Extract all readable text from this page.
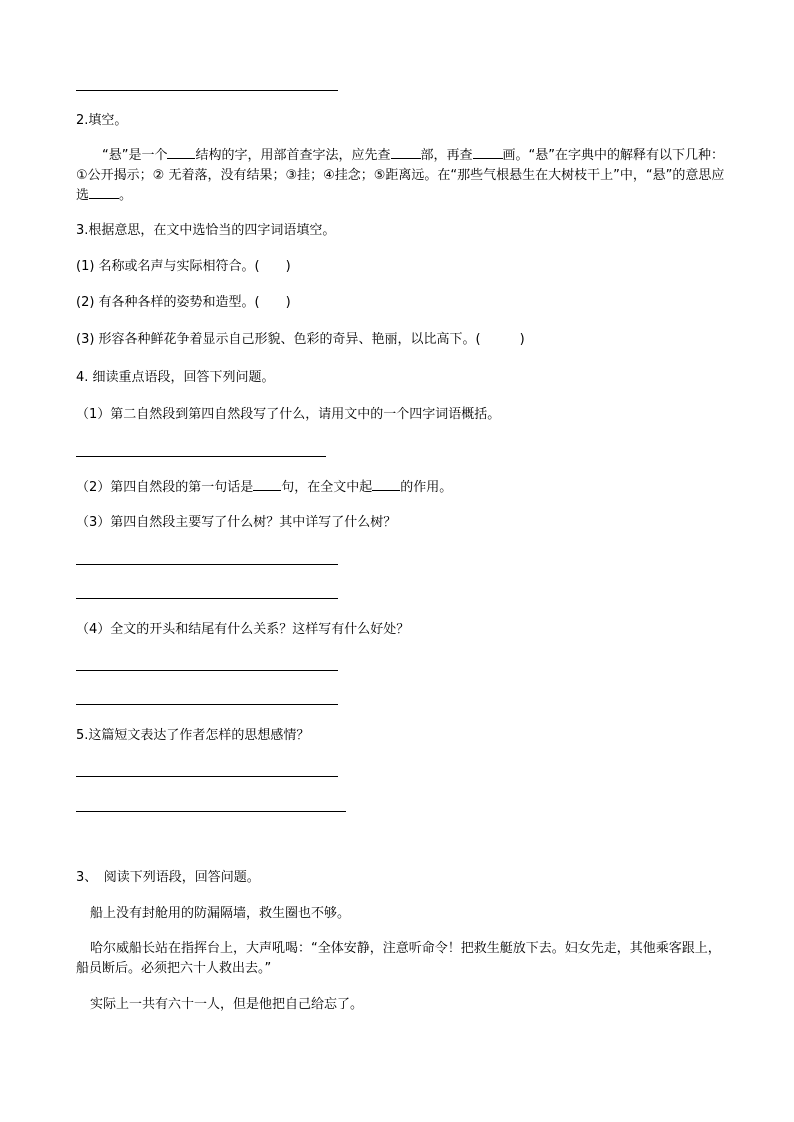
2.填空。
“悬”是一个 结构的字，用部首查字法，应先查 部，再查 画。“悬”在字典中的解释有以下几种：①公开揭示；② 无着落，没有结果；③挂；④挂念；⑤距离远。在“那些气根悬生在大树枝干上”中，“悬”的意思应选 。
3.根据意思，在文中选恰当的四字词语填空。
(1) 名称或名声与实际相符合。(　　)
(2) 有各种各样的姿势和造型。(　　)
(3) 形容各种鲜花争着显示自己形貌、色彩的奇异、艳丽，以比高下。(　　　)
4. 细读重点语段，回答下列问题。
（1）第二自然段到第四自然段写了什么，请用文中的一个四字词语概括。
（2）第四自然段的第一句话是 句，在全文中起 的作用。
（3）第四自然段主要写了什么树？其中详写了什么树？
（4）全文的开头和结尾有什么关系？这样写有什么好处？
5.这篇短文表达了作者怎样的思想感情？
3、　阅读下列语段，回答问题。
船上没有封舱用的防漏隔墙，救生圈也不够。
哈尔威船长站在指挥台上，大声吼喝：“全体安静，注意听命令！把救生艇放下去。妇女先走，其他乘客跟上，船员断后。必须把六十人救出去。”
实际上一共有六十一人，但是他把自己给忘了。
